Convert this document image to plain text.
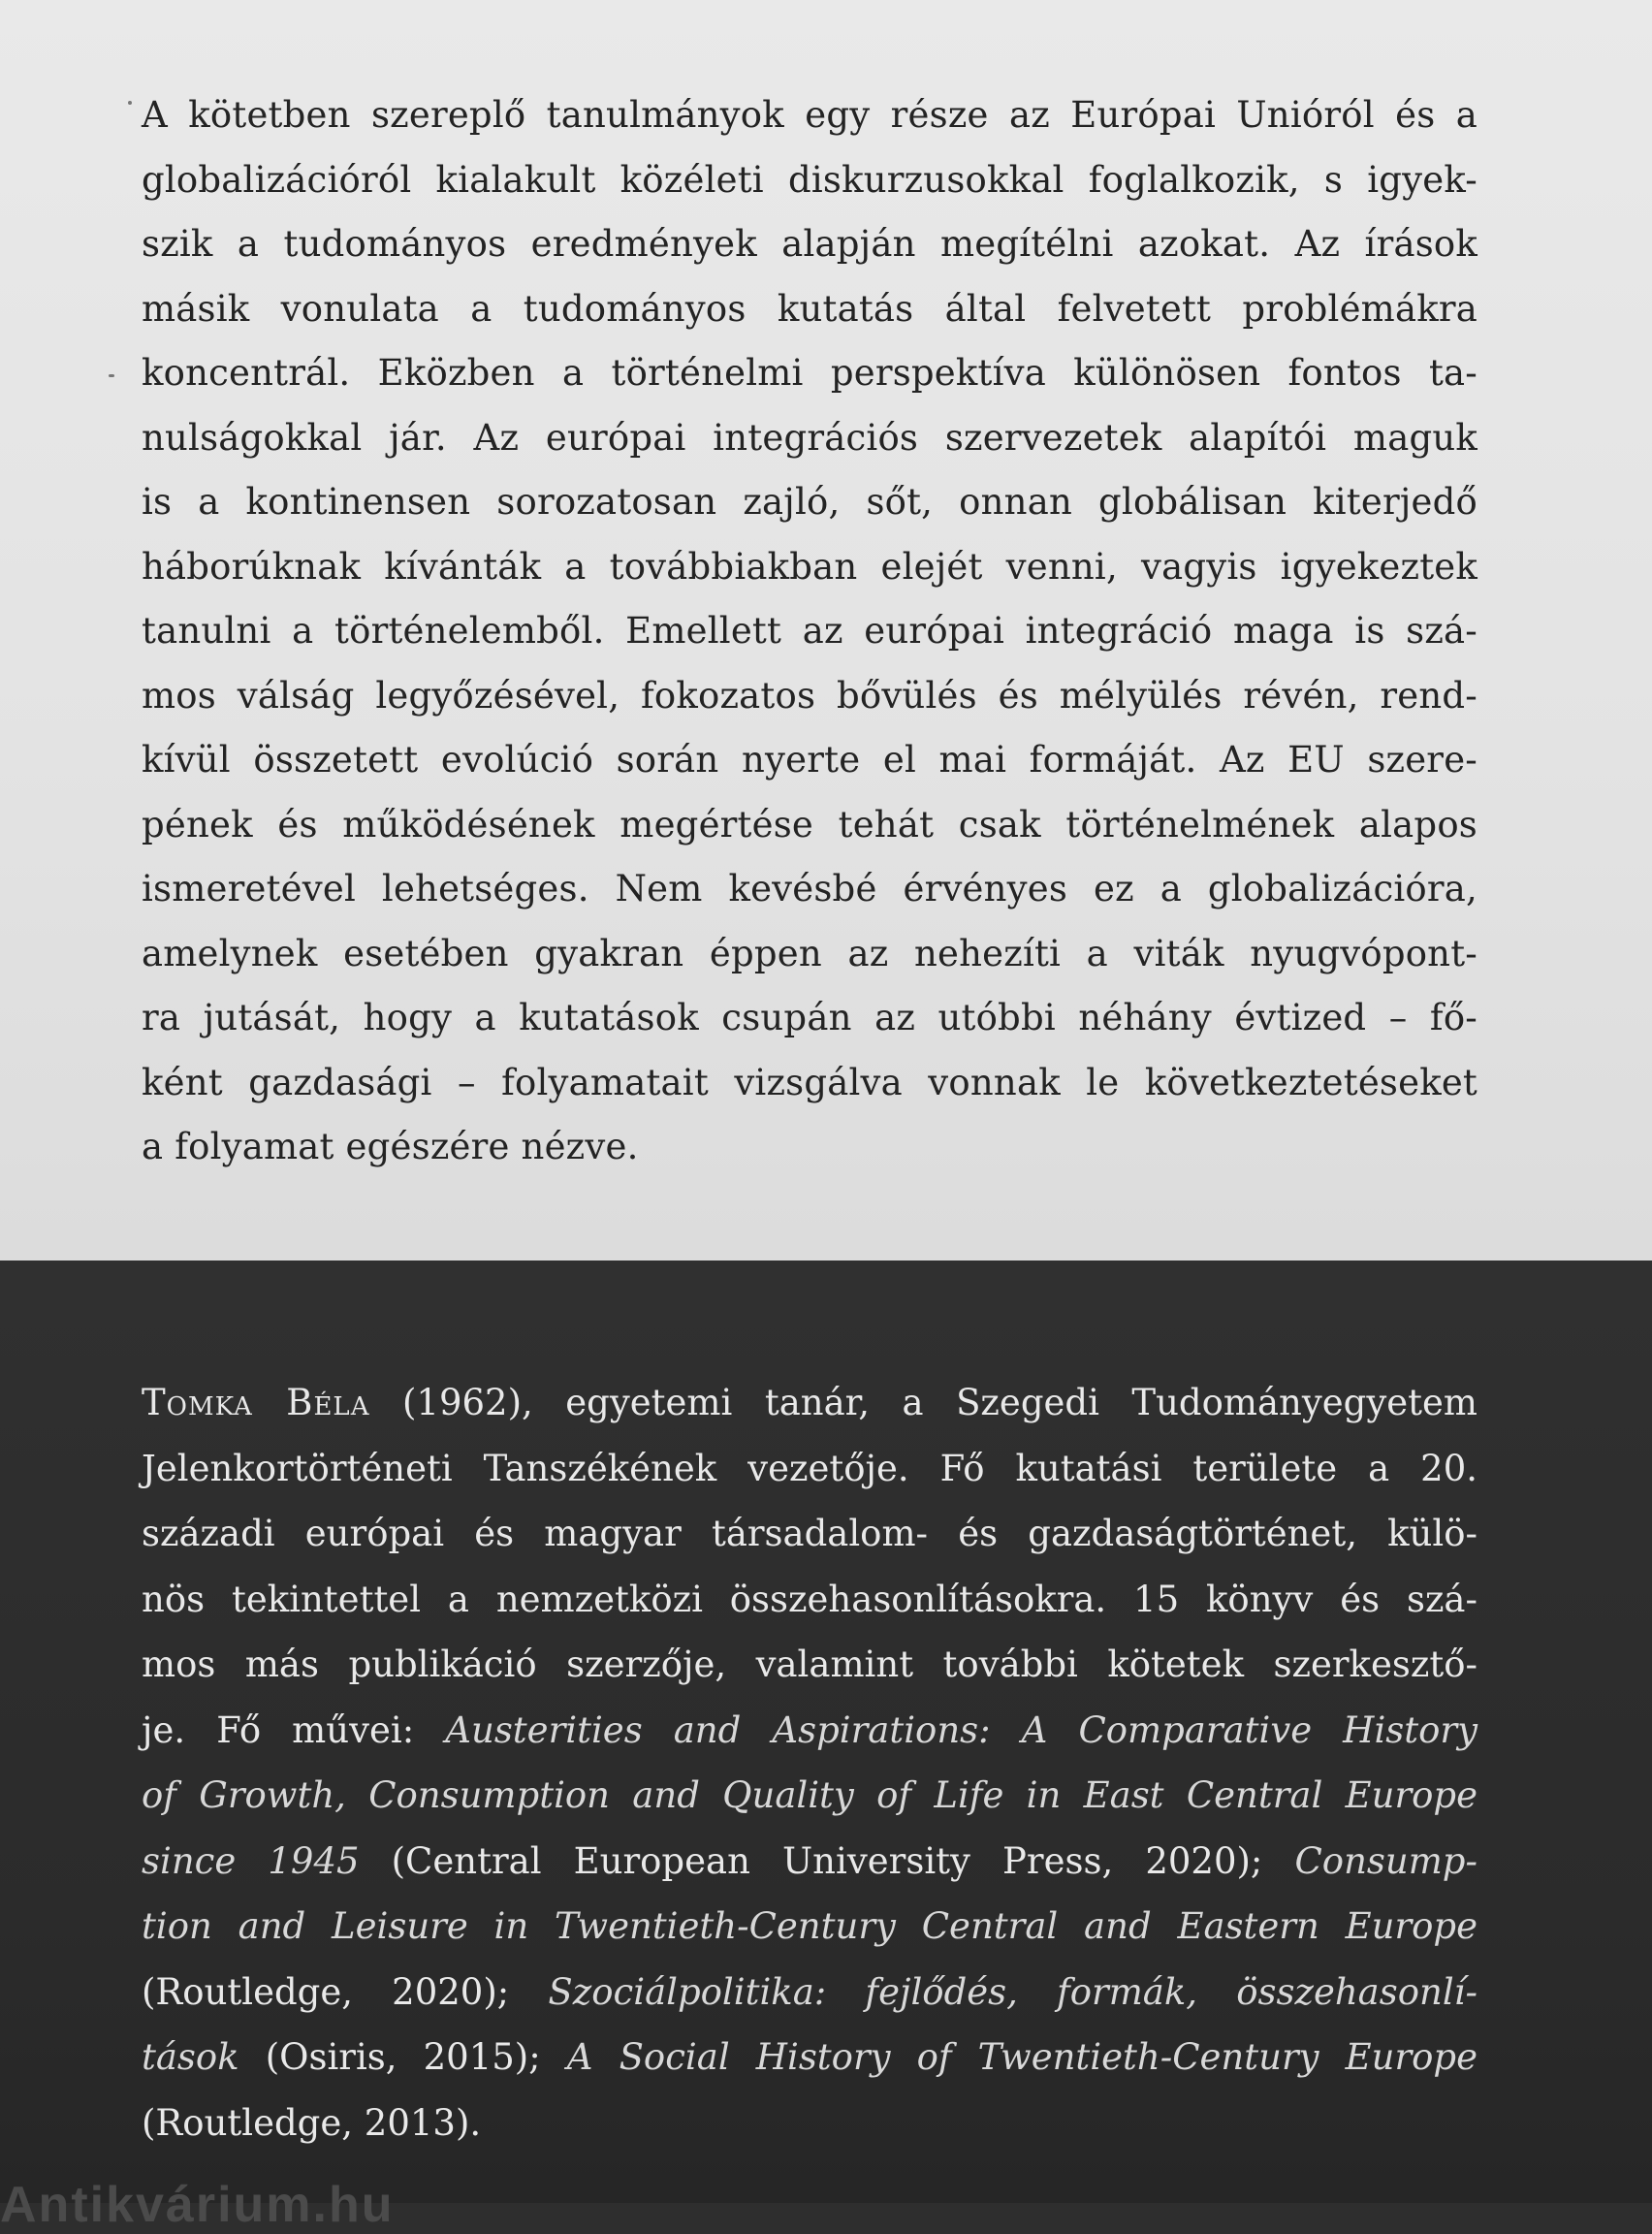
A kötetben szereplő tanulmányok egy része az Európai Unióról és a
globalizációról kialakult közéleti diskurzusokkal foglalkozik, s igyek-
szik a tudományos eredmények alapján megítélni azokat. Az írások
másik vonulata a tudományos kutatás által felvetett problémákra
koncentrál. Eközben a történelmi perspektíva különösen fontos ta-
nulságokkal jár. Az európai integrációs szervezetek alapítói maguk
is a kontinensen sorozatosan zajló, sőt, onnan globálisan kiterjedő
háborúknak kívánták a továbbiakban elejét venni, vagyis igyekeztek
tanulni a történelemből. Emellett az európai integráció maga is szá-
mos válság legyőzésével, fokozatos bővülés és mélyülés révén, rend-
kívül összetett evolúció során nyerte el mai formáját. Az EU szere-
pének és működésének megértése tehát csak történelmének alapos
ismeretével lehetséges. Nem kevésbé érvényes ez a globalizációra,
amelynek esetében gyakran éppen az nehezíti a viták nyugvópont-
ra jutását, hogy a kutatások csupán az utóbbi néhány évtized – fő-
ként gazdasági – folyamatait vizsgálva vonnak le következtetéseket
a folyamat egészére nézve.
Tomka Béla (1962), egyetemi tanár, a Szegedi Tudományegyetem
Jelenkortörténeti Tanszékének vezetője. Fő kutatási területe a 20.
századi európai és magyar társadalom- és gazdaságtörténet, külö-
nös tekintettel a nemzetközi összehasonlításokra. 15 könyv és szá-
mos más publikáció szerzője, valamint további kötetek szerkesztő-
je. Fő művei: Austerities and Aspirations: A Comparative History
of Growth, Consumption and Quality of Life in East Central Europe
since 1945 (Central European University Press, 2020); Consump-
tion and Leisure in Twentieth-Century Central and Eastern Europe
(Routledge, 2020); Szociálpolitika: fejlődés, formák, összehasonlí-
tások (Osiris, 2015); A Social History of Twentieth-Century Europe
(Routledge, 2013).
Antikvárium.hu
